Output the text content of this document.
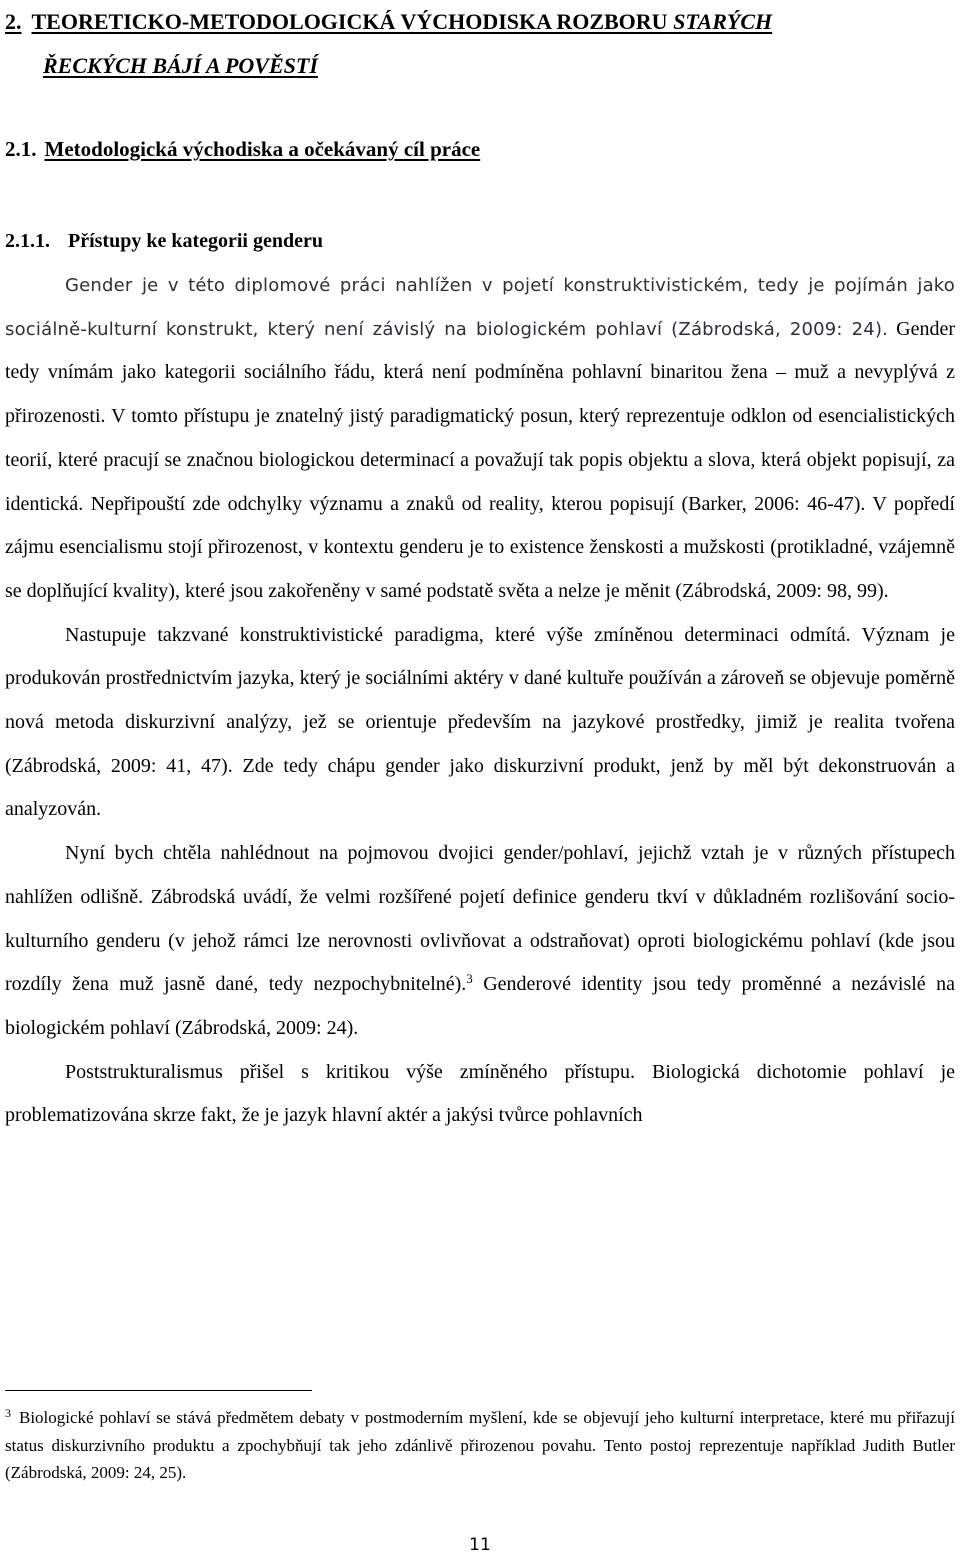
2. TEORETICKO-METODOLOGICKÁ VÝCHODISKA ROZBORU STARÝCH
ŘECKÝCH BÁJÍ A POVĚSTÍ
2.1. Metodologická východiska a očekávaný cíl práce
2.1.1. Přístupy ke kategorii genderu

Gender je v této diplomové práci nahlížen v pojetí konstruktivistickém, tedy je pojímán jako sociálně-kulturní konstrukt, který není závislý na biologickém pohlaví (Zábrodská, 2009: 24). Gender tedy vnímám jako kategorii sociálního řádu, která není podmíněna pohlavní binaritou žena – muž a nevyplývá z přirozenosti. V tomto přístupu je znatelný jistý paradigmatický posun, který reprezentuje odklon od esencialistických teorií, které pracují se značnou biologickou determinací a považují tak popis objektu a slova, která objekt popisují, za identická. Nepřipouští zde odchylky významu a znaků od reality, kterou popisují (Barker, 2006: 46-47). V popředí zájmu esencialismu stojí přirozenost, v kontextu genderu je to existence ženskosti a mužskosti (protikladné, vzájemně se doplňující kvality), které jsou zakořeněny v samé podstatě světa a nelze je měnit (Zábrodská, 2009: 98, 99).

Nastupuje takzvané konstruktivistické paradigma, které výše zmíněnou determinaci odmítá. Význam je produkován prostřednictvím jazyka, který je sociálními aktéry v dané kultuře používán a zároveň se objevuje poměrně nová metoda diskurzivní analýzy, jež se orientuje především na jazykové prostředky, jimiž je realita tvořena (Zábrodská, 2009: 41, 47). Zde tedy chápu gender jako diskurzivní produkt, jenž by měl být dekonstruován a analyzován.

Nyní bych chtěla nahlédnout na pojmovou dvojici gender/pohlaví, jejichž vztah je v různých přístupech nahlížen odlišně. Zábrodská uvádí, že velmi rozšířené pojetí definice genderu tkví v důkladném rozlišování socio-kulturního genderu (v jehož rámci lze nerovnosti ovlivňovat a odstraňovat) oproti biologickému pohlaví (kde jsou rozdíly žena muž jasně dané, tedy nezpochybnitelné).$^3$ Genderové identity jsou tedy proměnné a nezávislé na biologickém pohlaví (Zábrodská, 2009: 24).

Poststrukturalismus přišel s kritikou výše zmíněného přístupu. Biologická dichotomie pohlaví je problematizována skrze fakt, že je jazyk hlavní aktér a jakýsi tvůrce pohlavních

$^3$ Biologické pohlaví se stává předmětem debaty v postmoderním myšlení, kde se objevují jeho kulturní interpretace, které mu přiřazují status diskurzivního produktu a zpochybňují tak jeho zdánlivě přirozenou povahu. Tento postoj reprezentuje například Judith Butler (Zábrodská, 2009: 24, 25).
11
